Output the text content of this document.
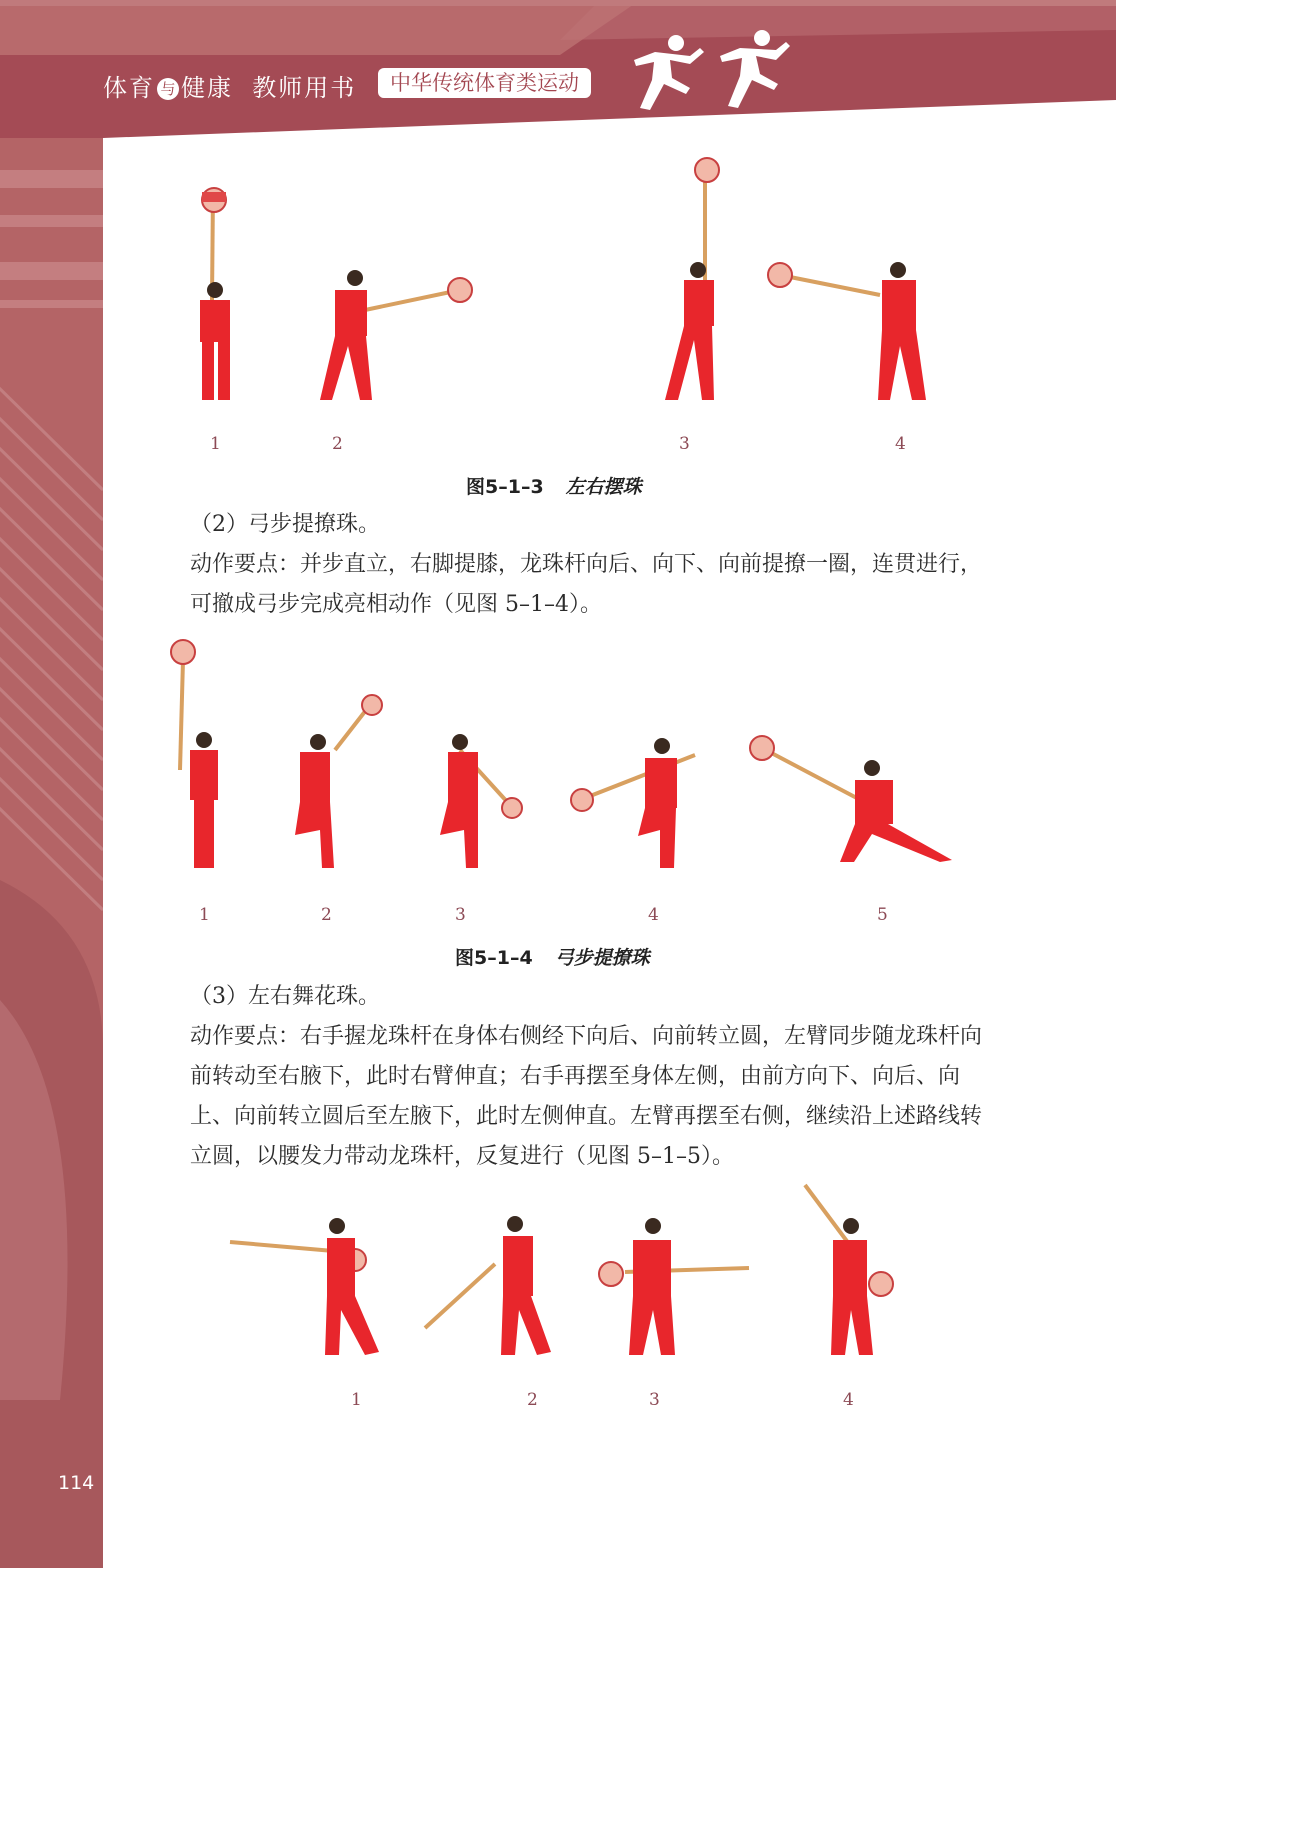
体育 与 健康 教师用书	中华传统体育类运动
1	2	3	4
图5–1–3 左右摆珠
（2）弓步提撩珠。
动作要点：并步直立，右脚提膝，龙珠杆向后、向下、向前提撩一圈，连贯进行，可撤成弓步完成亮相动作（见图 5–1–4）。
1	2	3	4	5
图5–1–4 弓步提撩珠
（3）左右舞花珠。
动作要点：右手握龙珠杆在身体右侧经下向后、向前转立圆，左臂同步随龙珠杆向前转动至右腋下，此时右臂伸直；右手再摆至身体左侧，由前方向下、向后、向上、向前转立圆后至左腋下，此时左侧伸直。左臂再摆至右侧，继续沿上述路线转立圆，以腰发力带动龙珠杆，反复进行（见图 5–1–5）。
1	2	3	4
114
